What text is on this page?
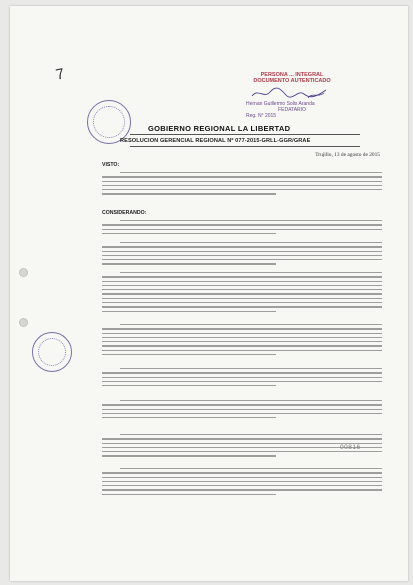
7	PERSONA ... INTEGRAL
DOCUMENTO AUTENTICADO
Hernan Guillermo Solis Aranda
FEDATARIO
Reg. N° 2015
GOBIERNO REGIONAL LA LIBERTAD
RESOLUCION GERENCIAL REGIONAL Nº 077-2015-GRLL-GGR/GRAE
Trujillo, 13 de agosto de 2015
VISTO:
CONSIDERANDO:
00816
